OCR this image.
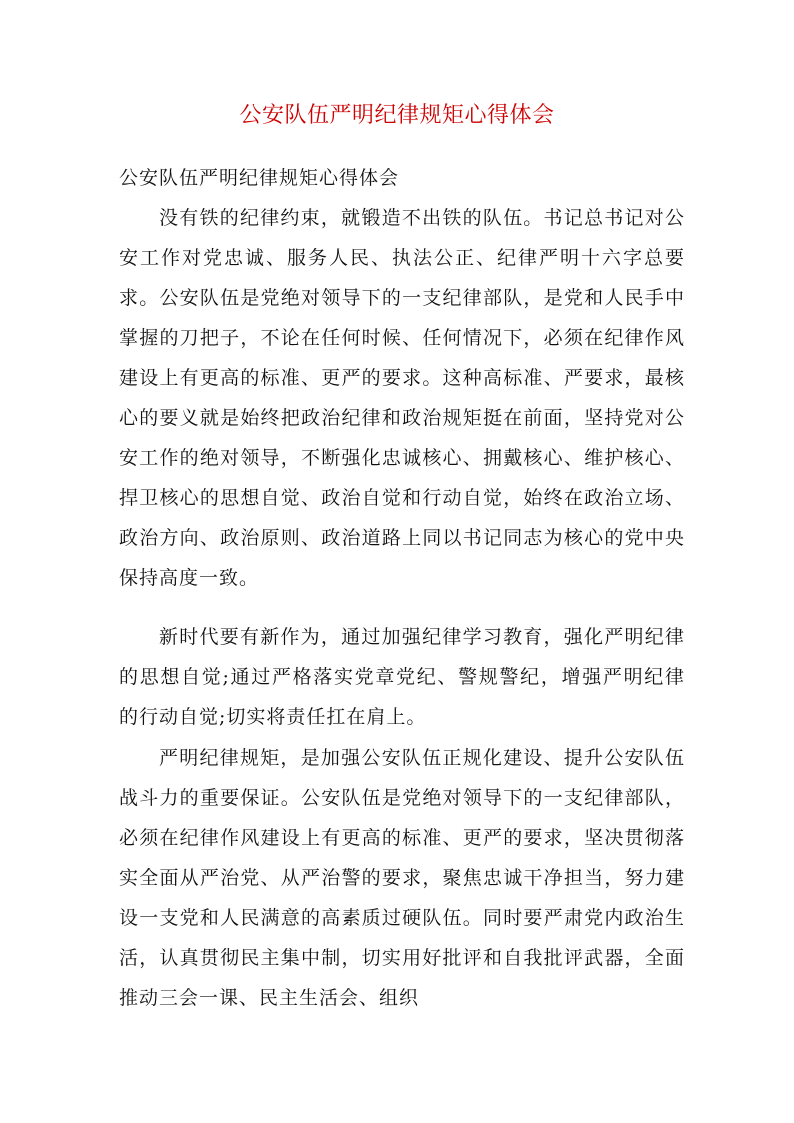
公安队伍严明纪律规矩心得体会
公安队伍严明纪律规矩心得体会
没有铁的纪律约束，就锻造不出铁的队伍。书记总书记对公安工作对党忠诚、服务人民、执法公正、纪律严明十六字总要求。公安队伍是党绝对领导下的一支纪律部队，是党和人民手中掌握的刀把子，不论在任何时候、任何情况下，必须在纪律作风建设上有更高的标准、更严的要求。这种高标准、严要求，最核心的要义就是始终把政治纪律和政治规矩挺在前面，坚持党对公安工作的绝对领导，不断强化忠诚核心、拥戴核心、维护核心、捍卫核心的思想自觉、政治自觉和行动自觉，始终在政治立场、政治方向、政治原则、政治道路上同以书记同志为核心的党中央保持高度一致。
新时代要有新作为，通过加强纪律学习教育，强化严明纪律的思想自觉;通过严格落实党章党纪、警规警纪，增强严明纪律的行动自觉;切实将责任扛在肩上。
严明纪律规矩，是加强公安队伍正规化建设、提升公安队伍战斗力的重要保证。公安队伍是党绝对领导下的一支纪律部队，必须在纪律作风建设上有更高的标准、更严的要求，坚决贯彻落实全面从严治党、从严治警的要求，聚焦忠诚干净担当，努力建设一支党和人民满意的高素质过硬队伍。同时要严肃党内政治生活，认真贯彻民主集中制，切实用好批评和自我批评武器，全面推动三会一课、民主生活会、组织
